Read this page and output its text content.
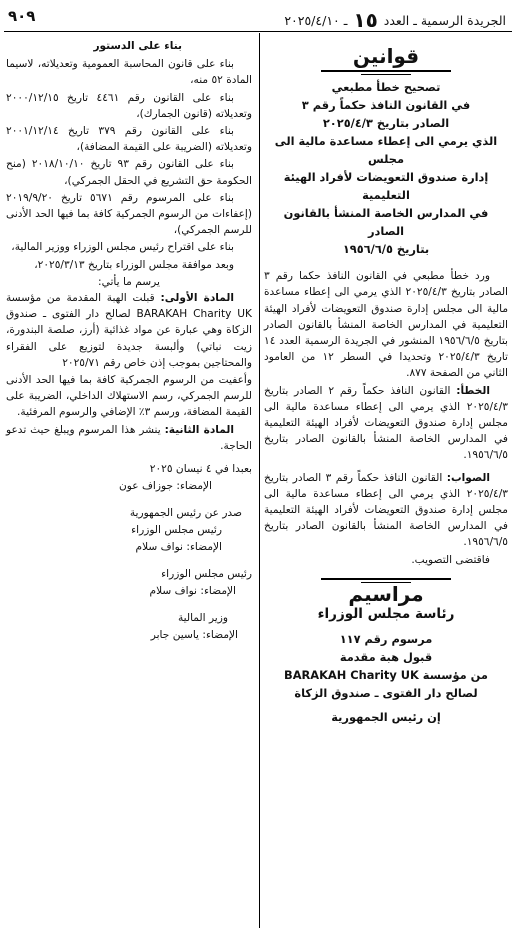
الجريدة الرسمية ـ العدد ١٥ ـ ٢٠٢٥/٤/١٠
٩٠٩
قوانين
تصحيح خطأ مطبعي
في القانون النافذ حكماً رقم ٣
الصادر بتاريخ ٢٠٢٥/٤/٣
الذي يرمي الى إعطاء مساعدة مالية الى مجلس
إدارة صندوق التعويضات لأفراد الهيئة التعليمية
في المدارس الخاصة المنشأ بالقانون الصادر
بتاريخ ١٩٥٦/٦/٥

ورد خطأ مطبعي في القانون النافذ حكما رقم ٣ الصادر بتاريخ ٢٠٢٥/٤/٣ الذي يرمي الى إعطاء مساعدة مالية الى مجلس إدارة صندوق التعويضات لأفراد الهيئة التعليمية في المدارس الخاصة المنشأ بالقانون الصادر بتاريخ ١٩٥٦/٦/٥ المنشور في الجريدة الرسمية العدد ١٤ تاريخ ٢٠٢٥/٤/٣ وتحديدا في السطر ١٢ من العامود الثاني من الصفحة ٨٧٧.

الخطأ: القانون النافذ حكماً رقم ٢ الصادر بتاريخ ٢٠٢٥/٤/٣ الذي يرمي الى إعطاء مساعدة مالية الى مجلس إدارة صندوق التعويضات لأفراد الهيئة التعليمية في المدارس الخاصة المنشأ بالقانون الصادر بتاريخ ١٩٥٦/٦/٥.

الصواب: القانون النافذ حكماً رقم ٣ الصادر بتاريخ ٢٠٢٥/٤/٣ الذي يرمي الى إعطاء مساعدة مالية الى مجلس إدارة صندوق التعويضات لأفراد الهيئة التعليمية في المدارس الخاصة المنشأ بالقانون الصادر بتاريخ ١٩٥٦/٦/٥.

فاقتضى التصويب.

مراسيم
رئاسة مجلس الوزراء
مرسوم رقم ١١٧
قبول هبة مقدمة
من مؤسسة BARAKAH Charity UK
لصالح دار الفتوى ـ صندوق الزكاة
إن رئيس الجمهورية
بناء على الدستور

بناء على قانون المحاسبة العمومية وتعديلاته، لاسيما المادة ٥٢ منه،

بناء على القانون رقم ٤٤٦١ تاريخ ٢٠٠٠/١٢/١٥ وتعديلاته (قانون الجمارك)،

بناء على القانون رقم ٣٧٩ تاريخ ٢٠٠١/١٢/١٤ وتعديلاته (الضريبة على القيمة المضافة)،

بناء على القانون رقم ٩٣ تاريخ ٢٠١٨/١٠/١٠ (منح الحكومة حق التشريع في الحقل الجمركي)،

بناء على المرسوم رقم ٥٦٧١ تاريخ ٢٠١٩/٩/٢٠ (إعفاءات من الرسوم الجمركية كافة بما فيها الحد الأدنى للرسم الجمركي)،

بناء على اقتراح رئيس مجلس الوزراء ووزير المالية،

وبعد موافقة مجلس الوزراء بتاريخ ٢٠٢٥/٣/١٣،

يرسم ما يأتي:

المادة الأولى: قبلت الهبة المقدمة من مؤسسة BARAKAH Charity UK لصالح دار الفتوى ـ صندوق الزكاة وهي عبارة عن مواد غذائية (أرز، صلصة البندورة، زيت نباتي) وألبسة جديدة لتوزيع على الفقراء والمحتاجين بموجب إذن خاص رقم ٢٠٢٥/٧١

وأعفيت من الرسوم الجمركية كافة بما فيها الحد الأدنى للرسم الجمركي، رسم الاستهلاك الداخلي، الضريبة على القيمة المضافة، ورسم ٣٪ الإضافي والرسوم المرفئية.

المادة الثانية: ينشر هذا المرسوم ويبلغ حيث تدعو الحاجة.

بعبدا في ٤ نيسان ٢٠٢٥
الإمضاء: جوزاف عون
صدر عن رئيس الجمهورية
رئيس مجلس الوزراء
الإمضاء: نواف سلام
رئيس مجلس الوزراء
الإمضاء: نواف سلام
وزير المالية
الإمضاء: ياسين جابر
